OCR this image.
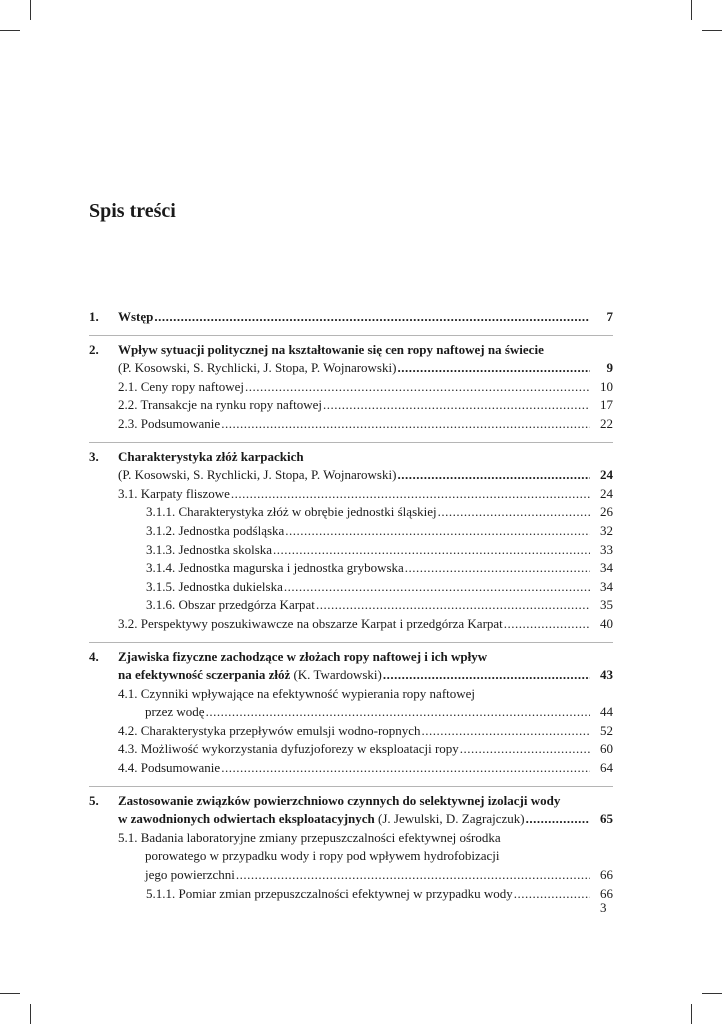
Spis treści
1. Wstęp .....	7
2.	Wpływ sytuacji politycznej na kształtowanie się cen ropy naftowej na świecie
(P. Kosowski, S. Rychlicki, J. Stopa, P. Wojnarowski) .....	9
2.1. Ceny ropy naftowej .....	10
2.2. Transakcje na rynku ropy naftowej .....	17
2.3. Podsumowanie .....	22
3.	Charakterystyka złóż karpackich
(P. Kosowski, S. Rychlicki, J. Stopa, P. Wojnarowski) .....	24
3.1. Karpaty fliszowe .....	24
3.1.1. Charakterystyka złóż w obrębie jednostki śląskiej .....	26
3.1.2. Jednostka podśląska .....	32
3.1.3. Jednostka skolska .....	33
3.1.4. Jednostka magurska i jednostka grybowska .....	34
3.1.5. Jednostka dukielska .....	34
3.1.6. Obszar przedgórza Karpat .....	35
3.2. Perspektywy poszukiwawcze na obszarze Karpat i przedgórza Karpat .....	40
4.	Zjawiska fizyczne zachodzące w złożach ropy naftowej i ich wpływ
na efektywność sczerpania złóż (K. Twardowski) .....	43
4.1. Czynniki wpływające na efektywność wypierania ropy naftowej
przez wodę .....	44
4.2. Charakterystyka przepływów emulsji wodno-ropnych .....	52
4.3. Możliwość wykorzystania dyfuzjoforezy w eksploatacji ropy .....	60
4.4. Podsumowanie .....	64
5.	Zastosowanie związków powierzchniowo czynnych do selektywnej izolacji wody
w zawodnionych odwiertach eksploatacyjnych (J. Jewulski, D. Zagrajczuk) .....	65
5.1. Badania laboratoryjne zmiany przepuszczalności efektywnej ośrodka
porowatego w przypadku wody i ropy pod wpływem hydrofobizacji
jego powierzchni .....	66
5.1.1. Pomiar zmian przepuszczalności efektywnej w przypadku wody .....	66
3
